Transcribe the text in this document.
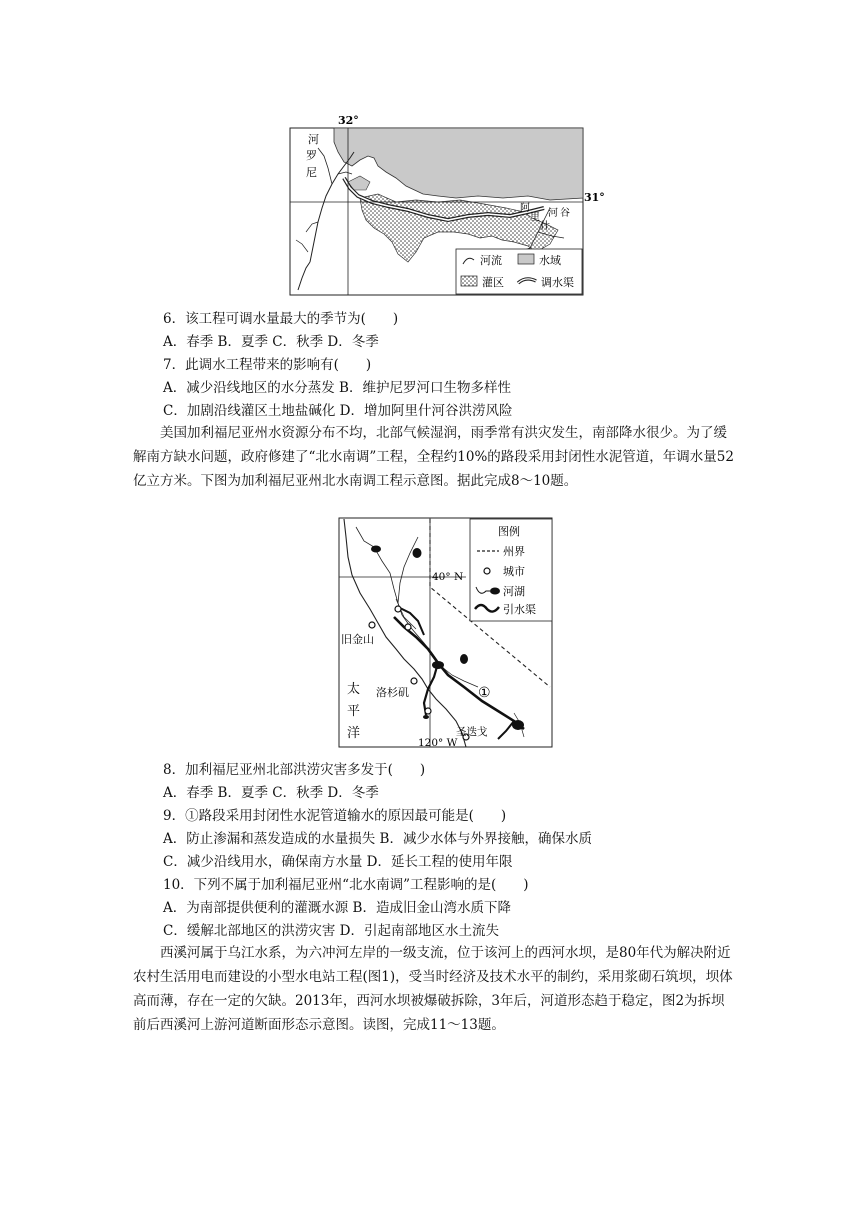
32°
31°
尼
罗
河
阿
里
什
河 谷
河流	水域
灌区	调水渠
6．该工程可调水量最大的季节为(　　)
A．春季 B．夏季 C．秋季 D．冬季
7．此调水工程带来的影响有(　　)
A．减少沿线地区的水分蒸发 B．维护尼罗河口生物多样性
C．加剧沿线灌区土地盐碱化 D．增加阿里什河谷洪涝风险
美国加利福尼亚州水资源分布不均，北部气候湿润，雨季常有洪灾发生，南部降水很少。为了缓解南方缺水问题，政府修建了“北水南调”工程，全程约10%的路段采用封闭性水泥管道，年调水量52亿立方米。下图为加利福尼亚州北水南调工程示意图。据此完成8～10题。
旧金山
洛杉矶
圣迭戈
太
平
洋
40° N
120° W
①
图例
州界
城市
河湖
引水渠
8．加利福尼亚州北部洪涝灾害多发于(　　)
A．春季 B．夏季 C．秋季 D．冬季
9．①路段采用封闭性水泥管道输水的原因最可能是(　　)
A．防止渗漏和蒸发造成的水量损失 B．减少水体与外界接触，确保水质
C．减少沿线用水，确保南方水量 D．延长工程的使用年限
10．下列不属于加利福尼亚州“北水南调”工程影响的是(　　)
A．为南部提供便利的灌溉水源 B．造成旧金山湾水质下降
C．缓解北部地区的洪涝灾害 D．引起南部地区水土流失
西溪河属于乌江水系，为六冲河左岸的一级支流，位于该河上的西河水坝，是80年代为解决附近农村生活用电而建设的小型水电站工程(图1)，受当时经济及技术水平的制约，采用浆砌石筑坝，坝体高而薄，存在一定的欠缺。2013年，西河水坝被爆破拆除，3年后，河道形态趋于稳定，图2为拆坝前后西溪河上游河道断面形态示意图。读图，完成11～13题。
